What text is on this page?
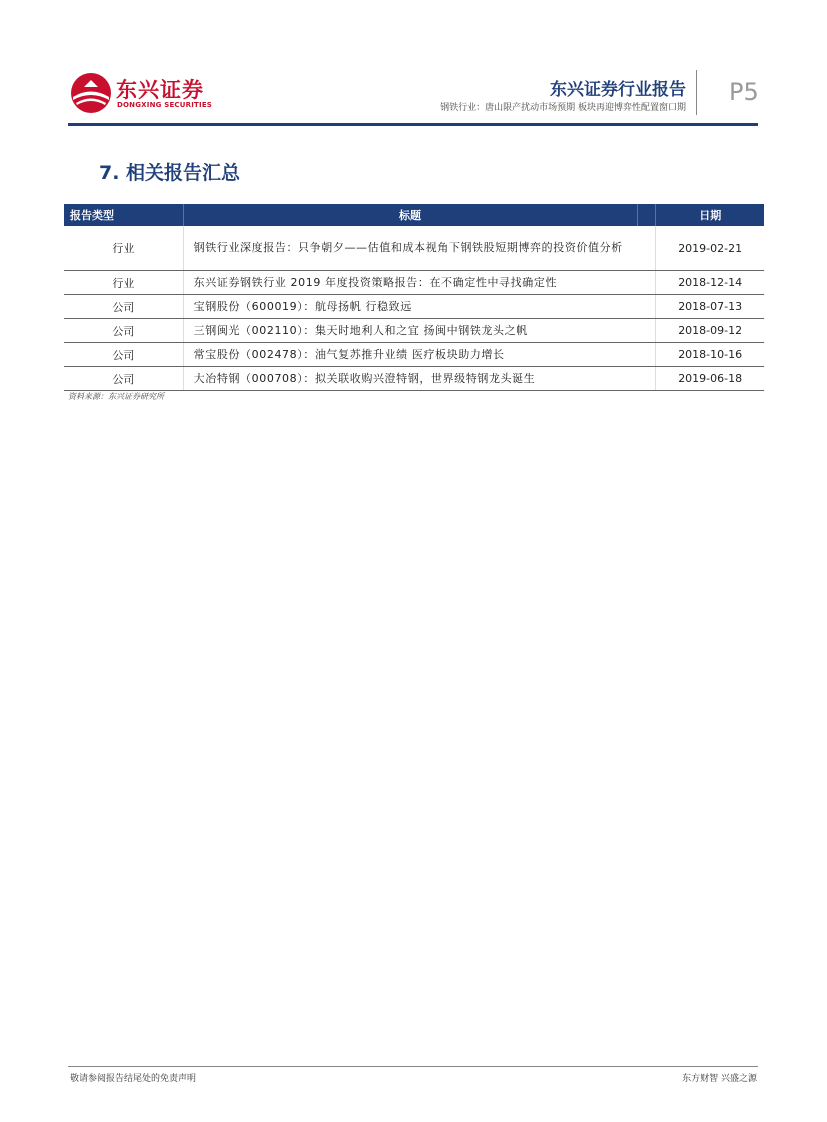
东兴证券
DONGXING SECURITIES
东兴证券行业报告
钢铁行业：唐山限产扰动市场预期 板块再迎博弈性配置窗口期
P5
7. 相关报告汇总
报告类型	标题	日期
行业	钢铁行业深度报告：只争朝夕——估值和成本视角下钢铁股短期博弈的投资价值分析	2019-02-21
行业	东兴证券钢铁行业 2019 年度投资策略报告：在不确定性中寻找确定性	2018-12-14
公司	宝钢股份（600019）：航母扬帆 行稳致远	2018-07-13
公司	三钢闽光（002110）：集天时地利人和之宜 扬闽中钢铁龙头之帆	2018-09-12
公司	常宝股份（002478）：油气复苏推升业绩 医疗板块助力增长	2018-10-16
公司	大冶特钢（000708）：拟关联收购兴澄特钢，世界级特钢龙头诞生	2019-06-18
资料来源：东兴证券研究所
敬请参阅报告结尾处的免责声明	东方财智 兴盛之源
